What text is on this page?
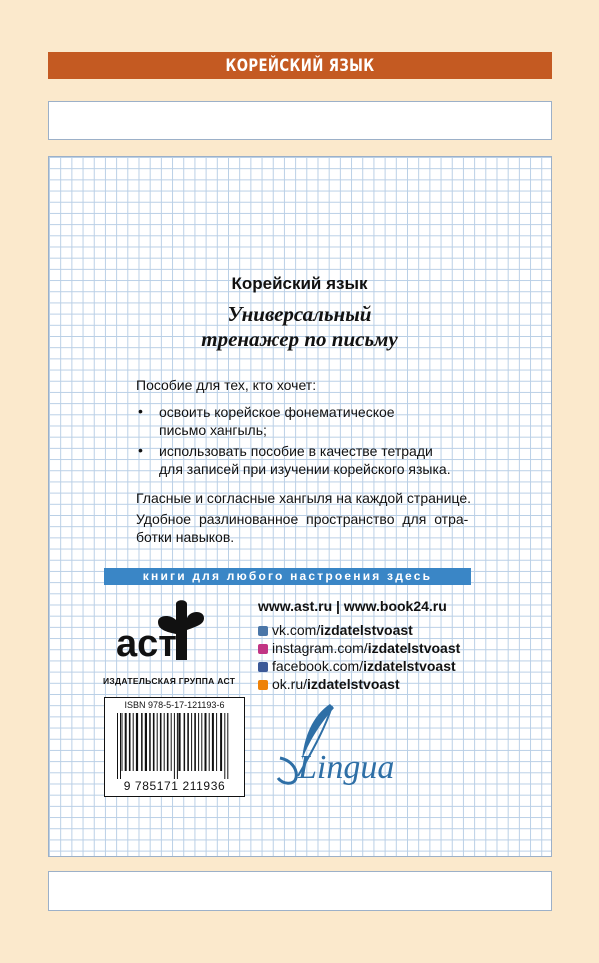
КОРЕЙСКИЙ ЯЗЫК
Корейский язык
Универсальный
тренажер по письму
Пособие для тех, кто хочет:
• освоить корейское фонематическое
письмо хангыль;
• использовать пособие в качестве тетради
для записей при изучении корейского языка.
Гласные и согласные хангыля на каждой странице.
Удобное разлинованное пространство для отра-
ботки навыков.
книги для любого настроения здесь
аст
ИЗДАТЕЛЬСКАЯ ГРУППА АСТ
www.ast.ru | www.book24.ru
vk.com/izdatelstvoast
instagram.com/izdatelstvoast
facebook.com/izdatelstvoast
ok.ru/izdatelstvoast
ISBN 978-5-17-121193-6
9 785171 211936	Lingua
